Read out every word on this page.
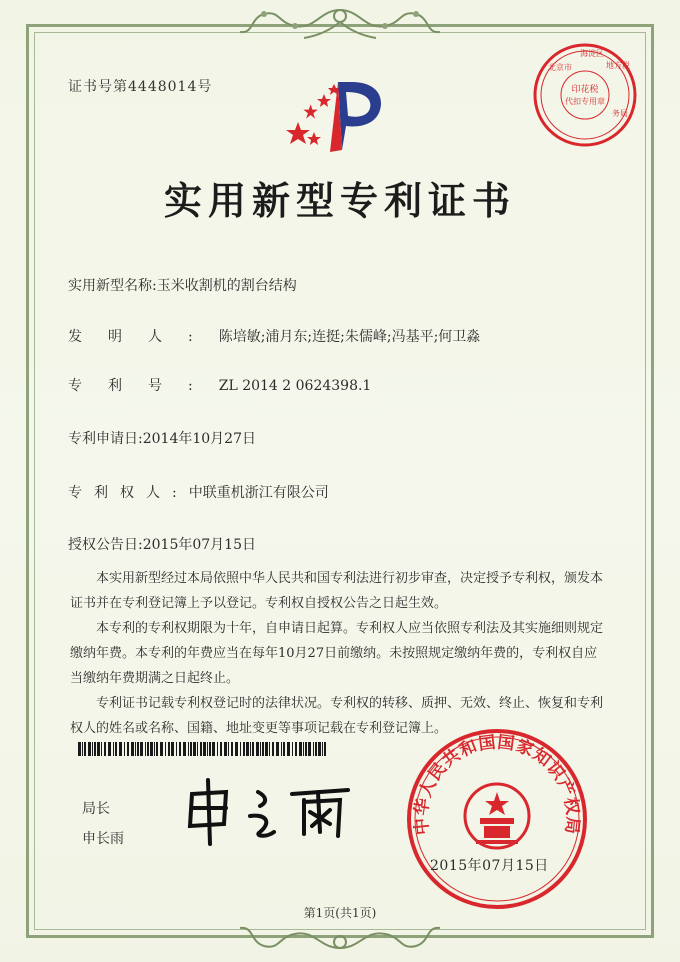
证书号第4448014号	印花税
代扣专用章
北京市
海淀区
地方税
务局
实用新型专利证书
实用新型名称:玉米收割机的割台结构
发明人:陈培敏;浦月东;连挺;朱儒峰;冯基平;何卫淼
专利号:ZL 2014 2 0624398.1
专利申请日:2014年10月27日
专利权人:中联重机浙江有限公司
授权公告日:2015年07月15日

本实用新型经过本局依照中华人民共和国专利法进行初步审查，决定授予专利权，颁发本证书并在专利登记簿上予以登记。专利权自授权公告之日起生效。

本专利的专利权期限为十年，自申请日起算。专利权人应当依照专利法及其实施细则规定缴纳年费。本专利的年费应当在每年10月27日前缴纳。未按照规定缴纳年费的，专利权自应当缴纳年费期满之日起终止。

专利证书记载专利权登记时的法律状况。专利权的转移、质押、无效、终止、恢复和专利权人的姓名或名称、国籍、地址变更等事项记载在专利登记簿上。

局长
申长雨
中华人民共和国国家知识产权局
2015年07月15日
第1页(共1页)
